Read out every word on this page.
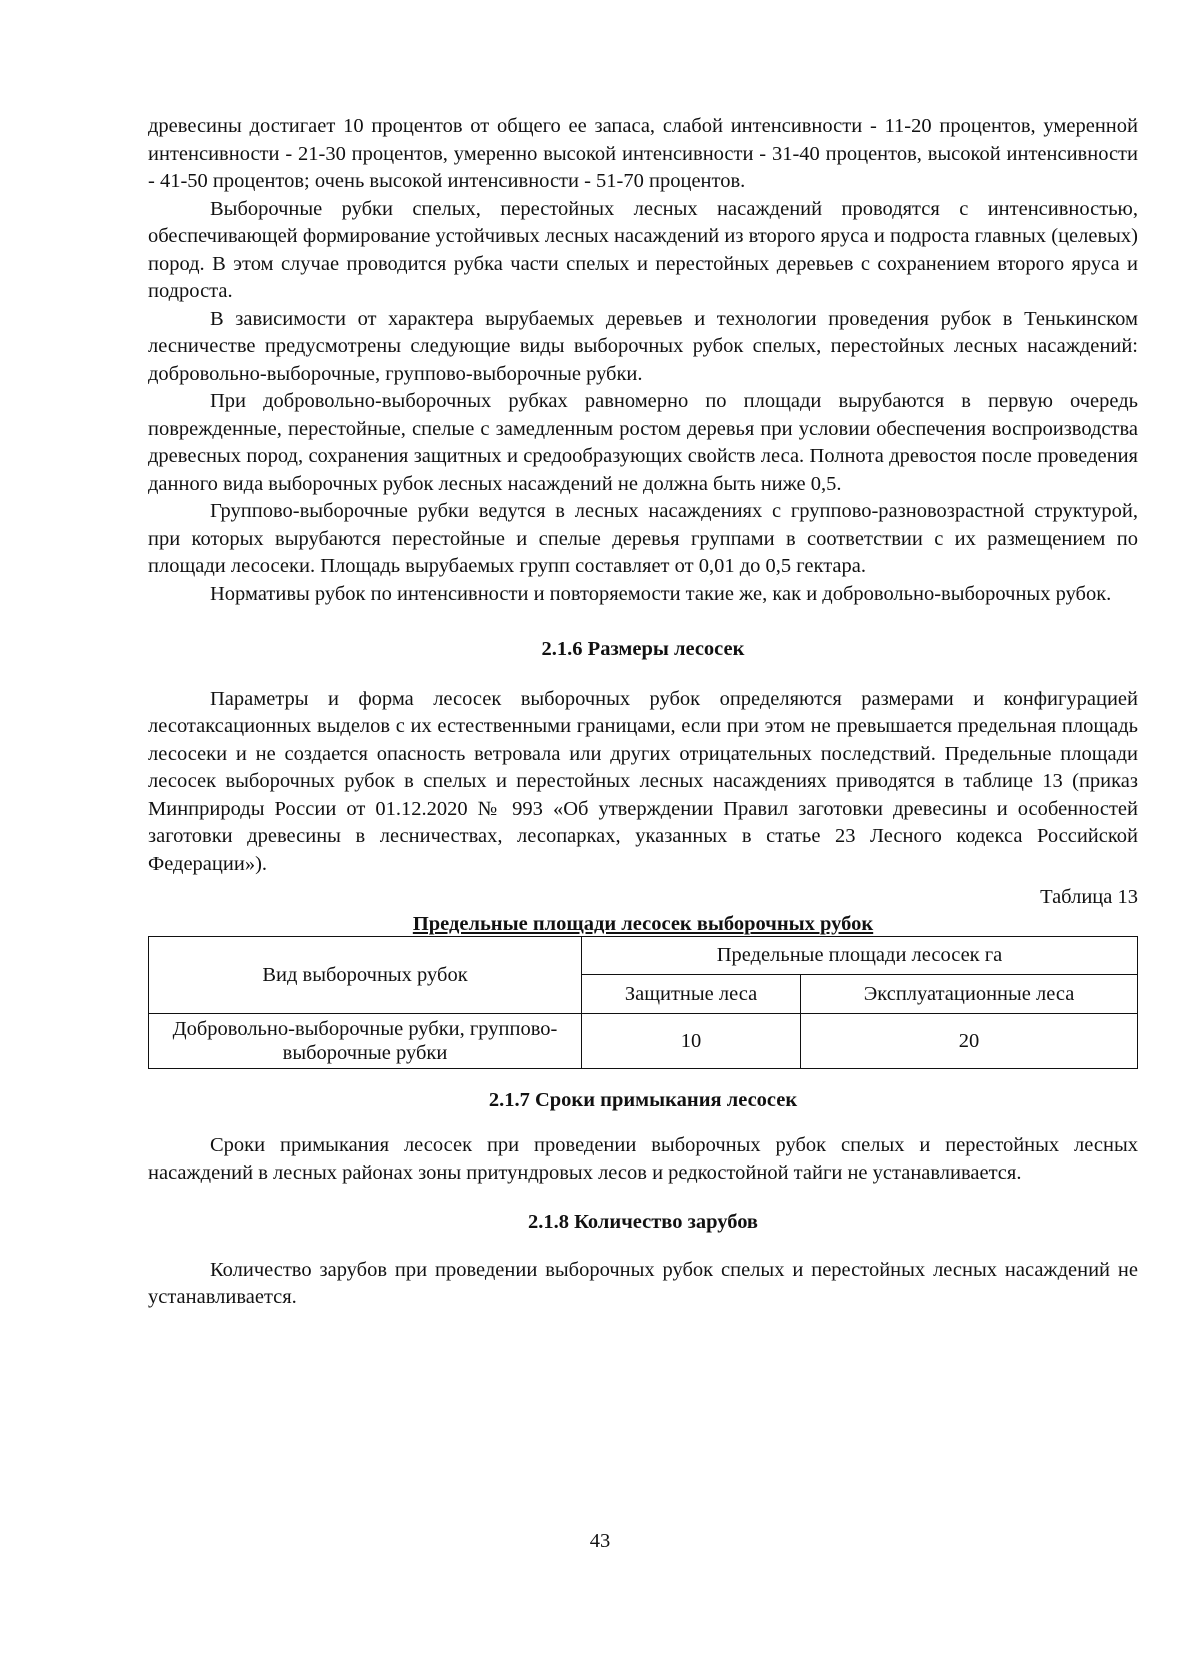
древесины достигает 10 процентов от общего ее запаса, слабой интенсивности - 11-20 процентов, умеренной интенсивности - 21-30 процентов, умеренно высокой интенсивности - 31-40 процентов, высокой интенсивности - 41-50 процентов; очень высокой интенсивности - 51-70 процентов.

Выборочные рубки спелых, перестойных лесных насаждений проводятся с интенсивностью, обеспечивающей формирование устойчивых лесных насаждений из второго яруса и подроста главных (целевых) пород. В этом случае проводится рубка части спелых и перестойных деревьев с сохранением второго яруса и подроста.

В зависимости от характера вырубаемых деревьев и технологии проведения рубок в Тенькинском лесничестве предусмотрены следующие виды выборочных рубок спелых, перестойных лесных насаждений: добровольно-выборочные, группово-выборочные рубки.

При добровольно-выборочных рубках равномерно по площади вырубаются в первую очередь поврежденные, перестойные, спелые с замедленным ростом деревья при условии обеспечения воспроизводства древесных пород, сохранения защитных и средообразующих свойств леса. Полнота древостоя после проведения данного вида выборочных рубок лесных насаждений не должна быть ниже 0,5.

Группово-выборочные рубки ведутся в лесных насаждениях с группово-разновозрастной структурой, при которых вырубаются перестойные и спелые деревья группами в соответствии с их размещением по площади лесосеки. Площадь вырубаемых групп составляет от 0,01 до 0,5 гектара.

Нормативы рубок по интенсивности и повторяемости такие же, как и добровольно-выборочных рубок.

2.1.6 Размеры лесосек

Параметры и форма лесосек выборочных рубок определяются размерами и конфигурацией лесотаксационных выделов с их естественными границами, если при этом не превышается предельная площадь лесосеки и не создается опасность ветровала или других отрицательных последствий. Предельные площади лесосек выборочных рубок в спелых и перестойных лесных насаждениях приводятся в таблице 13 (приказ Минприроды России от 01.12.2020 № 993 «Об утверждении Правил заготовки древесины и особенностей заготовки древесины в лесничествах, лесопарках, указанных в статье 23 Лесного кодекса Российской Федерации»).

Таблица 13
Предельные площади лесосек выборочных рубок
Вид выборочных рубок	Предельные площади лесосек га	
	Защитные леса	Эксплуатационные леса
Добровольно-выборочные рубки, группово-выборочные рубки	10	20
2.1.7 Сроки примыкания лесосек

Сроки примыкания лесосек при проведении выборочных рубок спелых и перестойных лесных насаждений в лесных районах зоны притундровых лесов и редкостойной тайги не устанавливается.

2.1.8 Количество зарубов

Количество зарубов при проведении выборочных рубок спелых и перестойных лесных насаждений не устанавливается.

43
